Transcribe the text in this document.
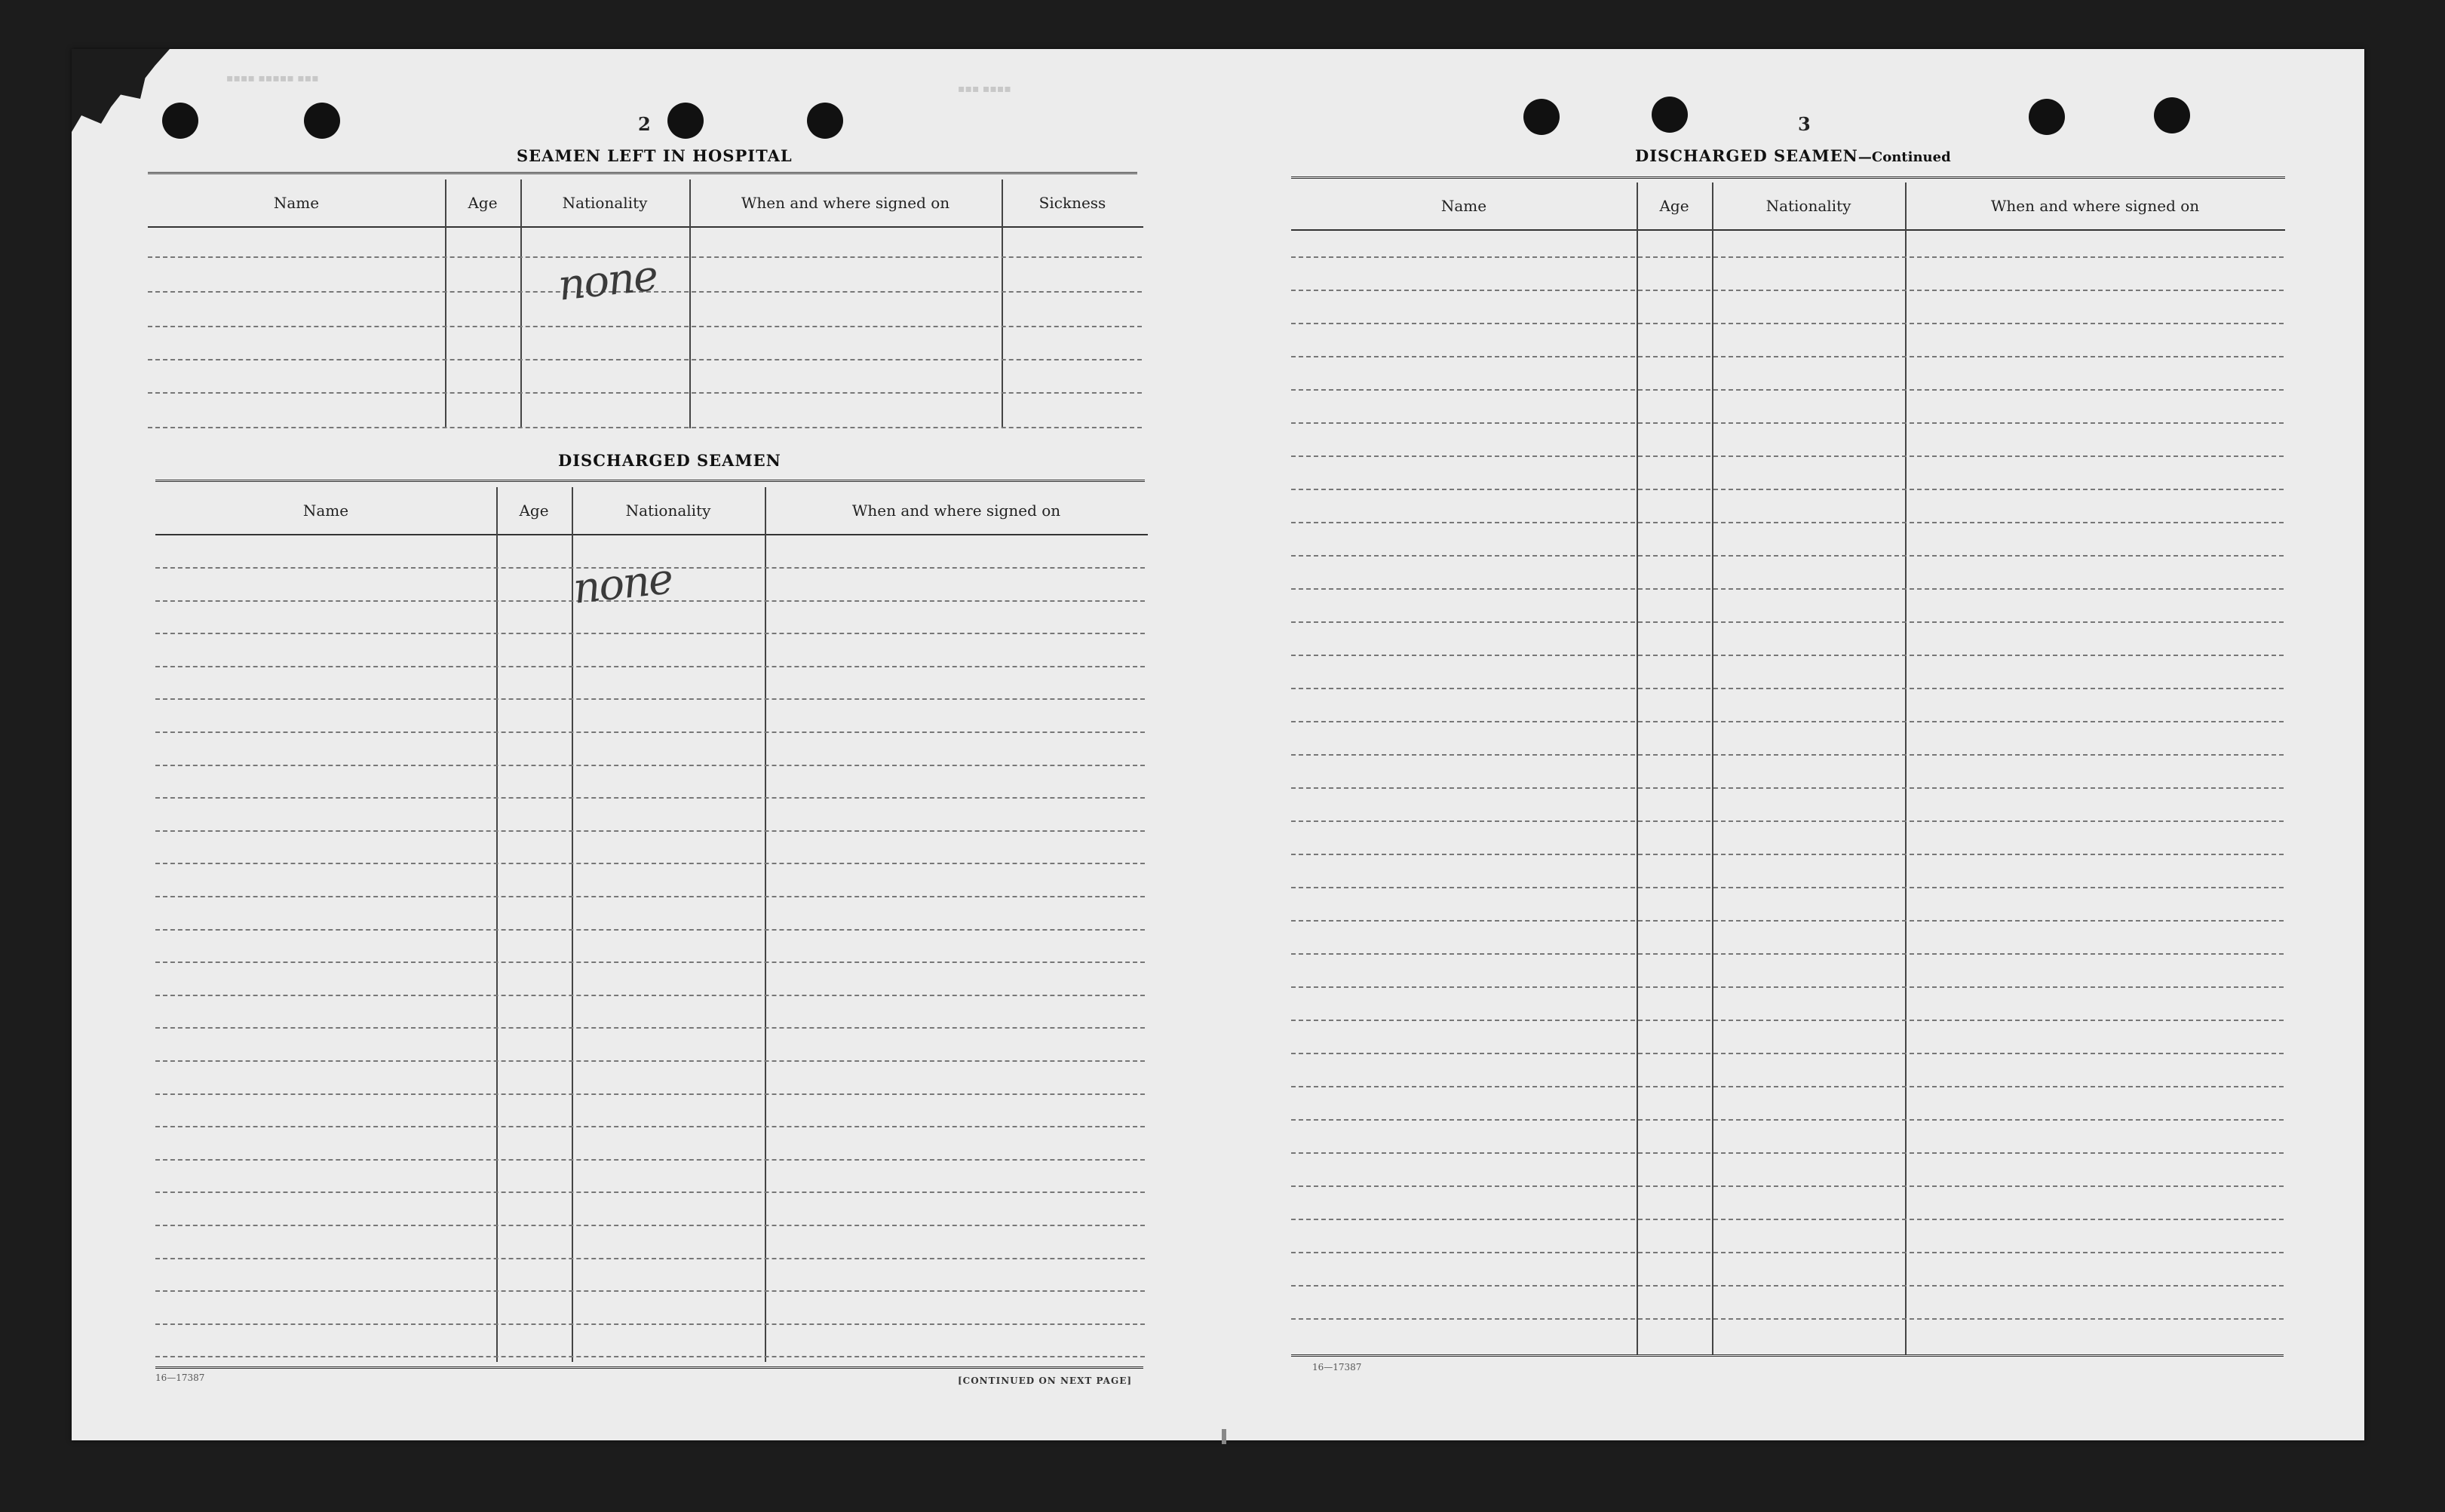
2
SEAMEN LEFT IN HOSPITAL
Name	Age	Nationality	When and where signed on	Sickness
none
DISCHARGED SEAMEN
Name	Age	Nationality	When and where signed on
none
16—17387	[CONTINUED ON NEXT PAGE]
3
DISCHARGED SEAMEN—Continued
Name	Age	Nationality	When and where signed on
16—17387
▪▪▪▪ ▪▪▪▪▪ ▪▪▪
▪▪▪ ▪▪▪▪
